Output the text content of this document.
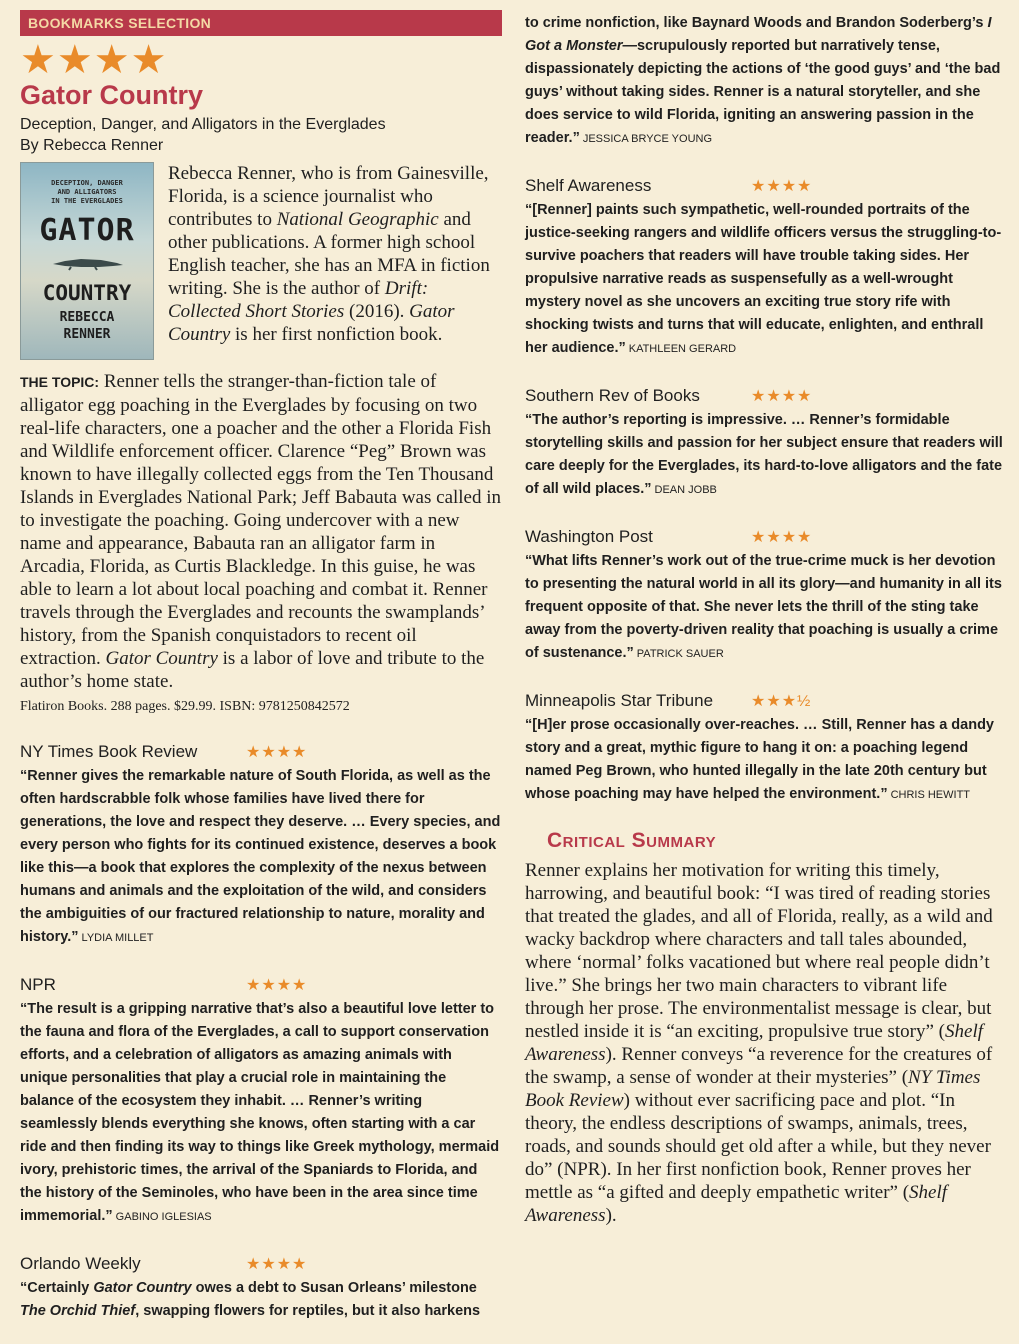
BOOKMARKS SELECTION
★★★★
Gator Country
Deception, Danger, and Alligators in the Everglades
By Rebecca Renner
DECEPTION, DANGER
AND ALLIGATORS
IN THE EVERGLADES
GATOR
COUNTRY
REBECCA
RENNER
Rebecca Renner, who is from Gainesville, Florida, is a science journalist who contributes to National Geographic and other publications. A former high school English teacher, she has an MFA in fiction writing. She is the author of Drift: Collected Short Stories (2016). Gator Country is her first nonfiction book.
THE TOPIC: Renner tells the stranger-than-fiction tale of alligator egg poaching in the Everglades by focusing on two real-life characters, one a poacher and the other a Florida Fish and Wildlife enforcement officer. Clarence “Peg” Brown was known to have illegally collected eggs from the Ten Thousand Islands in Everglades National Park; Jeff Babauta was called in to investigate the poaching. Going undercover with a new name and appearance, Babauta ran an alligator farm in Arcadia, Florida, as Curtis Blackledge. In this guise, he was able to learn a lot about local poaching and combat it. Renner travels through the Everglades and recounts the swamplands’ history, from the Spanish conquistadors to recent oil extraction. Gator Country is a labor of love and tribute to the author’s home state.
Flatiron Books. 288 pages. $29.99. ISBN: 9781250842572
NY Times Book Review	★★★★
“Renner gives the remarkable nature of South Florida, as well as the often hardscrabble folk whose families have lived there for generations, the love and respect they deserve. … Every species, and every person who fights for its continued existence, deserves a book like this—a book that explores the complexity of the nexus between humans and animals and the exploitation of the wild, and considers the ambiguities of our fractured relationship to nature, morality and history.” LYDIA MILLET
NPR	★★★★
“The result is a gripping narrative that’s also a beautiful love letter to the fauna and flora of the Everglades, a call to support conservation efforts, and a celebration of alligators as amazing animals with unique personalities that play a crucial role in maintaining the balance of the ecosystem they inhabit. … Renner’s writing seamlessly blends everything she knows, often starting with a car ride and then finding its way to things like Greek mythology, mermaid ivory, prehistoric times, the arrival of the Spaniards to Florida, and the history of the Seminoles, who have been in the area since time immemorial.” GABINO IGLESIAS
Orlando Weekly	★★★★
“Certainly Gator Country owes a debt to Susan Orleans’ milestone The Orchid Thief, swapping flowers for reptiles, but it also harkens
to crime nonfiction, like Baynard Woods and Brandon Soderberg’s I Got a Monster—scrupulously reported but narratively tense, dispassionately depicting the actions of ‘the good guys’ and ‘the bad guys’ without taking sides. Renner is a natural storyteller, and she does service to wild Florida, igniting an answering passion in the reader.” JESSICA BRYCE YOUNG
Shelf Awareness	★★★★
“[Renner] paints such sympathetic, well-rounded portraits of the justice-seeking rangers and wildlife officers versus the struggling-to-survive poachers that readers will have trouble taking sides. Her propulsive narrative reads as suspensefully as a well-wrought mystery novel as she uncovers an exciting true story rife with shocking twists and turns that will educate, enlighten, and enthrall her audience.” KATHLEEN GERARD
Southern Rev of Books	★★★★
“The author’s reporting is impressive. … Renner’s formidable storytelling skills and passion for her subject ensure that readers will care deeply for the Everglades, its hard-to-love alligators and the fate of all wild places.” DEAN JOBB
Washington Post	★★★★
“What lifts Renner’s work out of the true-crime muck is her devotion to presenting the natural world in all its glory—and humanity in all its frequent opposite of that. She never lets the thrill of the sting take away from the poverty-driven reality that poaching is usually a crime of sustenance.” PATRICK SAUER
Minneapolis Star Tribune	★★★½
“[H]er prose occasionally over-reaches. … Still, Renner has a dandy story and a great, mythic figure to hang it on: a poaching legend named Peg Brown, who hunted illegally in the late 20th century but whose poaching may have helped the environment.” CHRIS HEWITT
Critical Summary
Renner explains her motivation for writing this timely, harrowing, and beautiful book: “I was tired of reading stories that treated the glades, and all of Florida, really, as a wild and wacky backdrop where characters and tall tales abounded, where ‘normal’ folks vacationed but where real people didn’t live.” She brings her two main characters to vibrant life through her prose. The environmentalist message is clear, but nestled inside it is “an exciting, propulsive true story” (Shelf Awareness). Renner conveys “a reverence for the creatures of the swamp, a sense of wonder at their mysteries” (NY Times Book Review) without ever sacrificing pace and plot. “In theory, the endless descriptions of swamps, animals, trees, roads, and sounds should get old after a while, but they never do” (NPR). In her first nonfiction book, Renner proves her mettle as “a gifted and deeply empathetic writer” (Shelf Awareness).
